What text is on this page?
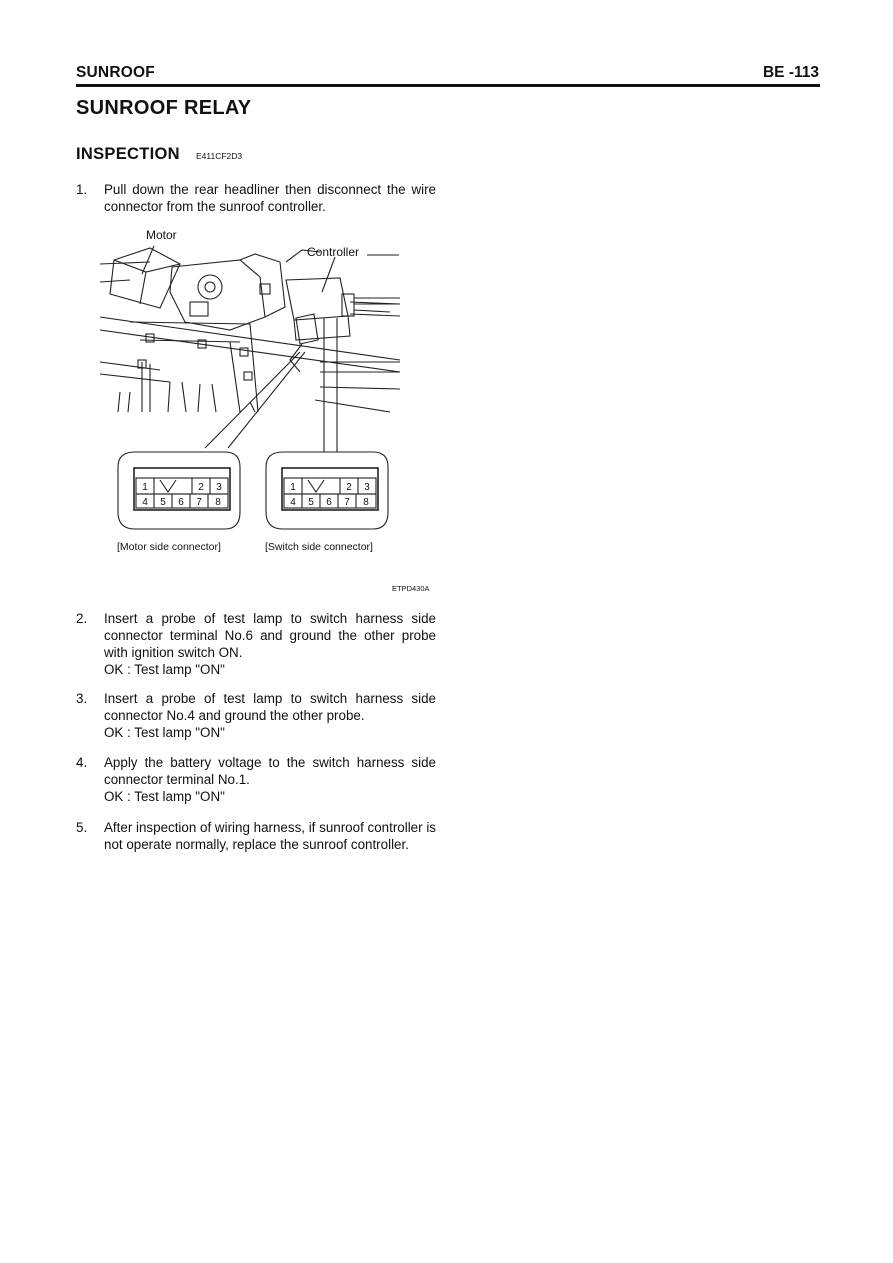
SUNROOF	BE -113
SUNROOF RELAY
INSPECTION E411CF2D3
1. Pull down the rear headliner then disconnect the wire connector from the sunroof controller.
Motor
Controller
1	2 3
4 5 6 7 8
1	2 3
4 5 6 7 8
[Motor side connector]	[Switch side connector]
ETPD430A
2. Insert a probe of test lamp to switch harness side connector terminal No.6 and ground the other probe with ignition switch ON.
OK : Test lamp "ON"
3. Insert a probe of test lamp to switch harness side connector No.4 and ground the other probe.
OK : Test lamp "ON"
4. Apply the battery voltage to the switch harness side connector terminal No.1.
OK : Test lamp "ON"
5. After inspection of wiring harness, if sunroof controller is not operate normally, replace the sunroof controller.
